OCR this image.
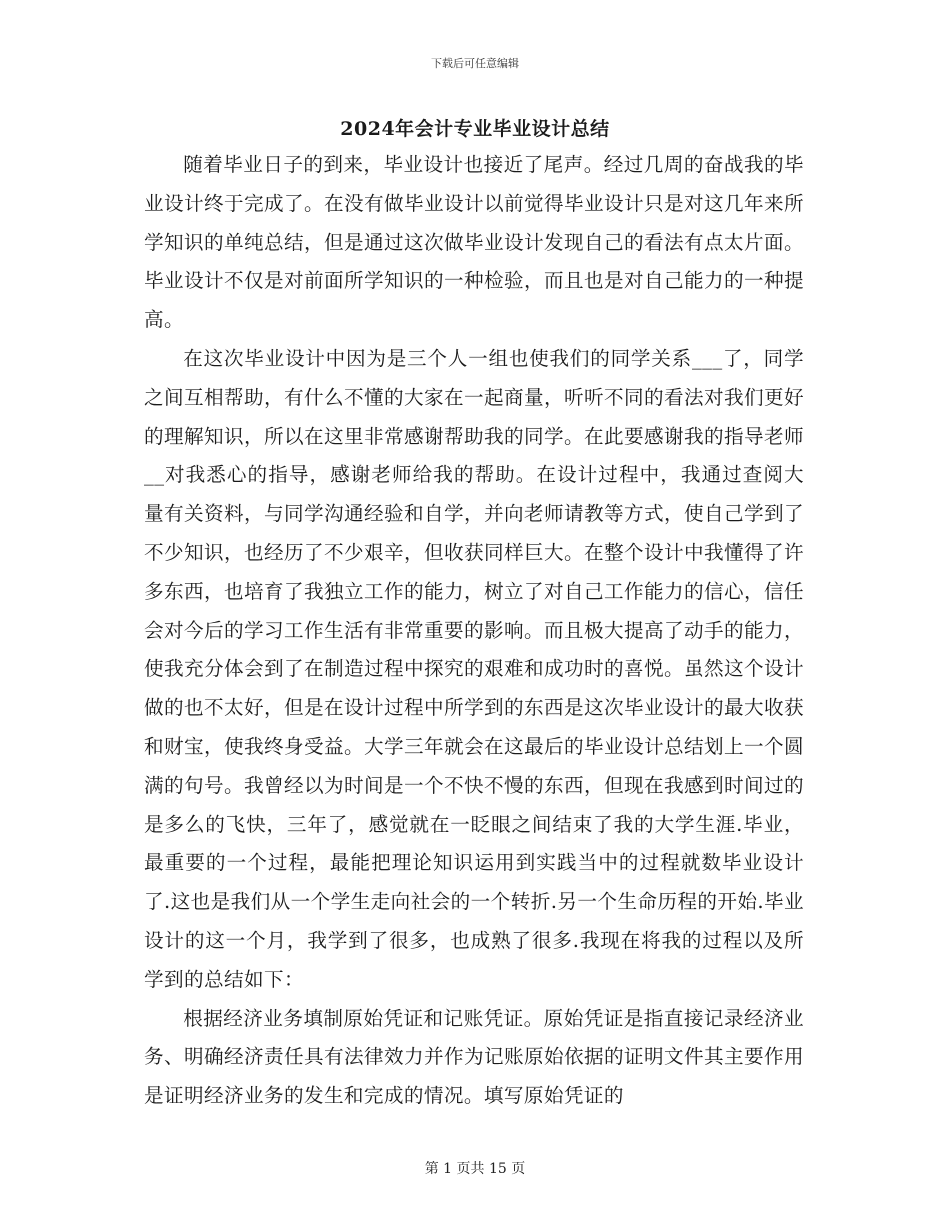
下载后可任意编辑
2024年会计专业毕业设计总结

随着毕业日子的到来，毕业设计也接近了尾声。经过几周的奋战我的毕业设计终于完成了。在没有做毕业设计以前觉得毕业设计只是对这几年来所学知识的单纯总结，但是通过这次做毕业设计发现自己的看法有点太片面。毕业设计不仅是对前面所学知识的一种检验，而且也是对自己能力的一种提高。

在这次毕业设计中因为是三个人一组也使我们的同学关系___了，同学之间互相帮助，有什么不懂的大家在一起商量，听听不同的看法对我们更好的理解知识，所以在这里非常感谢帮助我的同学。在此要感谢我的指导老师__对我悉心的指导，感谢老师给我的帮助。在设计过程中，我通过查阅大量有关资料，与同学沟通经验和自学，并向老师请教等方式，使自己学到了不少知识，也经历了不少艰辛，但收获同样巨大。在整个设计中我懂得了许多东西，也培育了我独立工作的能力，树立了对自己工作能力的信心，信任会对今后的学习工作生活有非常重要的影响。而且极大提高了动手的能力，使我充分体会到了在制造过程中探究的艰难和成功时的喜悦。虽然这个设计做的也不太好，但是在设计过程中所学到的东西是这次毕业设计的最大收获和财宝，使我终身受益。大学三年就会在这最后的毕业设计总结划上一个圆满的句号。我曾经以为时间是一个不快不慢的东西，但现在我感到时间过的是多么的飞快，三年了，感觉就在一眨眼之间结束了我的大学生涯.毕业，最重要的一个过程，最能把理论知识运用到实践当中的过程就数毕业设计了.这也是我们从一个学生走向社会的一个转折.另一个生命历程的开始.毕业设计的这一个月，我学到了很多，也成熟了很多.我现在将我的过程以及所学到的总结如下：

根据经济业务填制原始凭证和记账凭证。原始凭证是指直接记录经济业务、明确经济责任具有法律效力并作为记账原始依据的证明文件其主要作用是证明经济业务的发生和完成的情况。填写原始凭证的

第 1 页共 15 页
